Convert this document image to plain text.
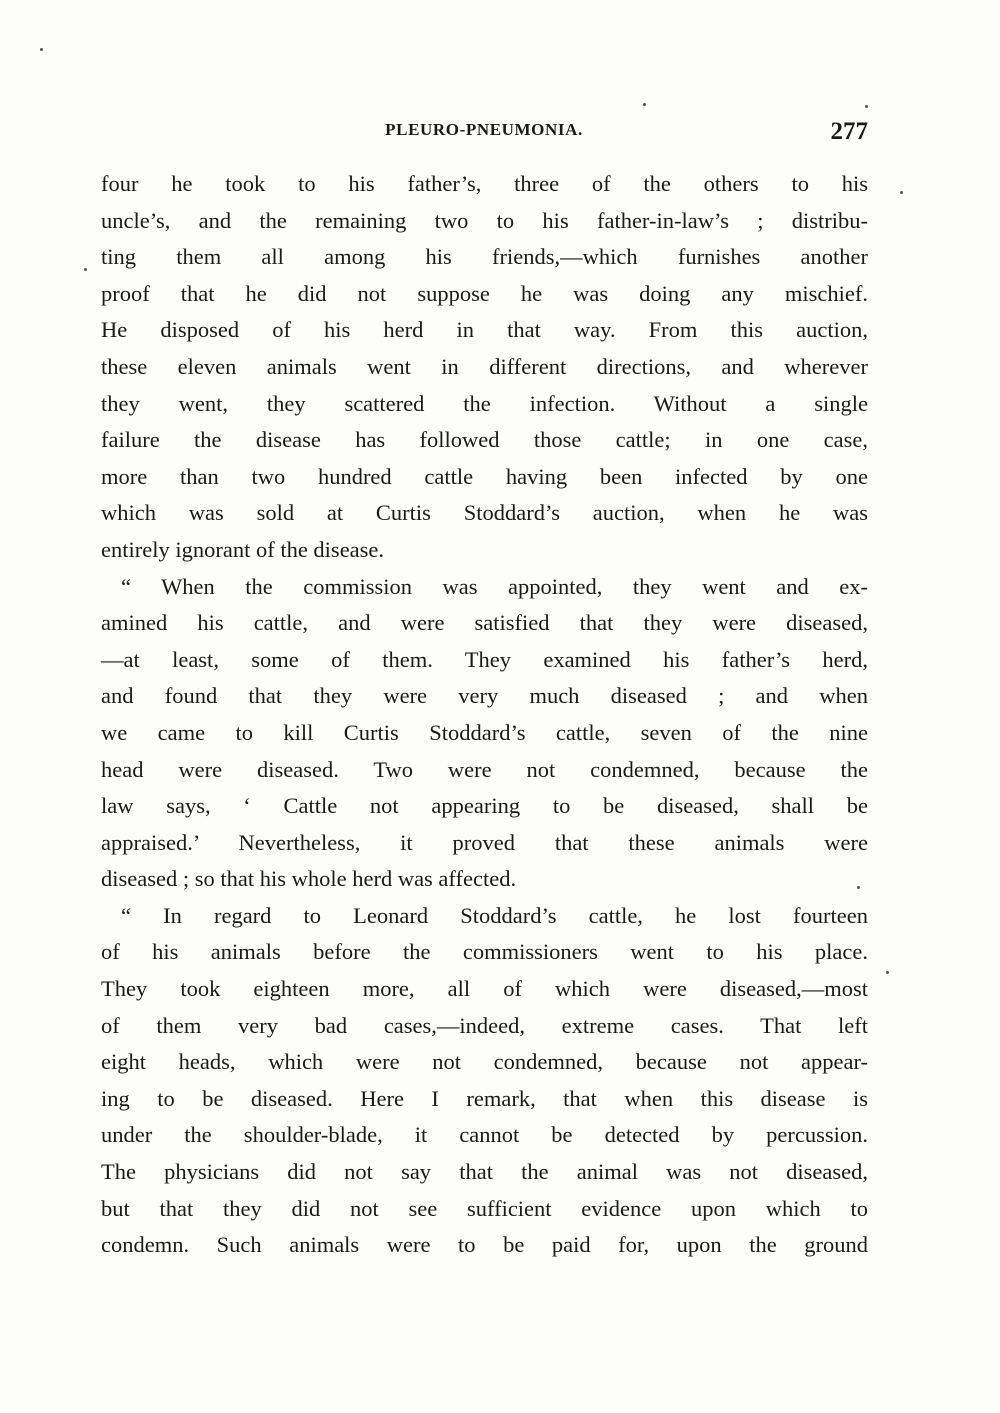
PLEURO-PNEUMONIA.	277
four he took to his father’s, three of the others to his
uncle’s, and the remaining two to his father-in-law’s ; distribu-
ting them all among his friends,—which furnishes another
proof that he did not suppose he was doing any mischief.
He disposed of his herd in that way. From this auction,
these eleven animals went in different directions, and wherever
they went, they scattered the infection. Without a single
failure the disease has followed those cattle; in one case,
more than two hundred cattle having been infected by one
which was sold at Curtis Stoddard’s auction, when he was
entirely ignorant of the disease.
“ When the commission was appointed, they went and ex-
amined his cattle, and were satisfied that they were diseased,
—at least, some of them. They examined his father’s herd,
and found that they were very much diseased ; and when
we came to kill Curtis Stoddard’s cattle, seven of the nine
head were diseased. Two were not condemned, because the
law says, ‘ Cattle not appearing to be diseased, shall be
appraised.’ Nevertheless, it proved that these animals were
diseased ; so that his whole herd was affected.
“ In regard to Leonard Stoddard’s cattle, he lost fourteen
of his animals before the commissioners went to his place.
They took eighteen more, all of which were diseased,—most
of them very bad cases,—indeed, extreme cases. That left
eight heads, which were not condemned, because not appear-
ing to be diseased. Here I remark, that when this disease is
under the shoulder-blade, it cannot be detected by percussion.
The physicians did not say that the animal was not diseased,
but that they did not see sufficient evidence upon which to
condemn. Such animals were to be paid for, upon the ground
